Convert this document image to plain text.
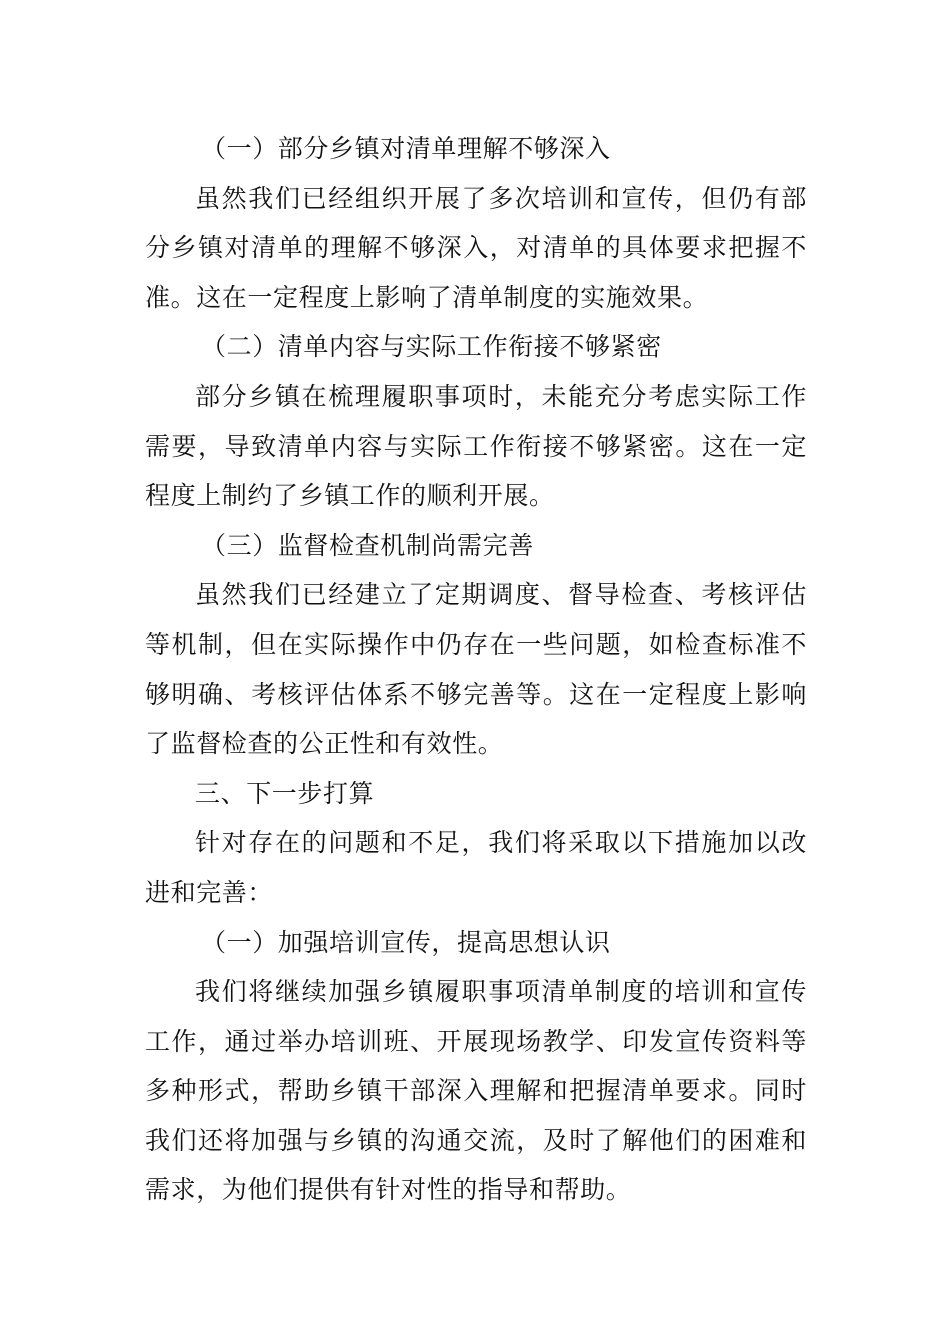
（一）部分乡镇对清单理解不够深入

虽然我们已经组织开展了多次培训和宣传，但仍有部分乡镇对清单的理解不够深入，对清单的具体要求把握不准。这在一定程度上影响了清单制度的实施效果。

（二）清单内容与实际工作衔接不够紧密

部分乡镇在梳理履职事项时，未能充分考虑实际工作需要，导致清单内容与实际工作衔接不够紧密。这在一定程度上制约了乡镇工作的顺利开展。

（三）监督检查机制尚需完善

虽然我们已经建立了定期调度、督导检查、考核评估等机制，但在实际操作中仍存在一些问题，如检查标准不够明确、考核评估体系不够完善等。这在一定程度上影响了监督检查的公正性和有效性。

三、下一步打算

针对存在的问题和不足，我们将采取以下措施加以改进和完善：

（一）加强培训宣传，提高思想认识

我们将继续加强乡镇履职事项清单制度的培训和宣传工作，通过举办培训班、开展现场教学、印发宣传资料等多种形式，帮助乡镇干部深入理解和把握清单要求。同时我们还将加强与乡镇的沟通交流，及时了解他们的困难和需求，为他们提供有针对性的指导和帮助。
